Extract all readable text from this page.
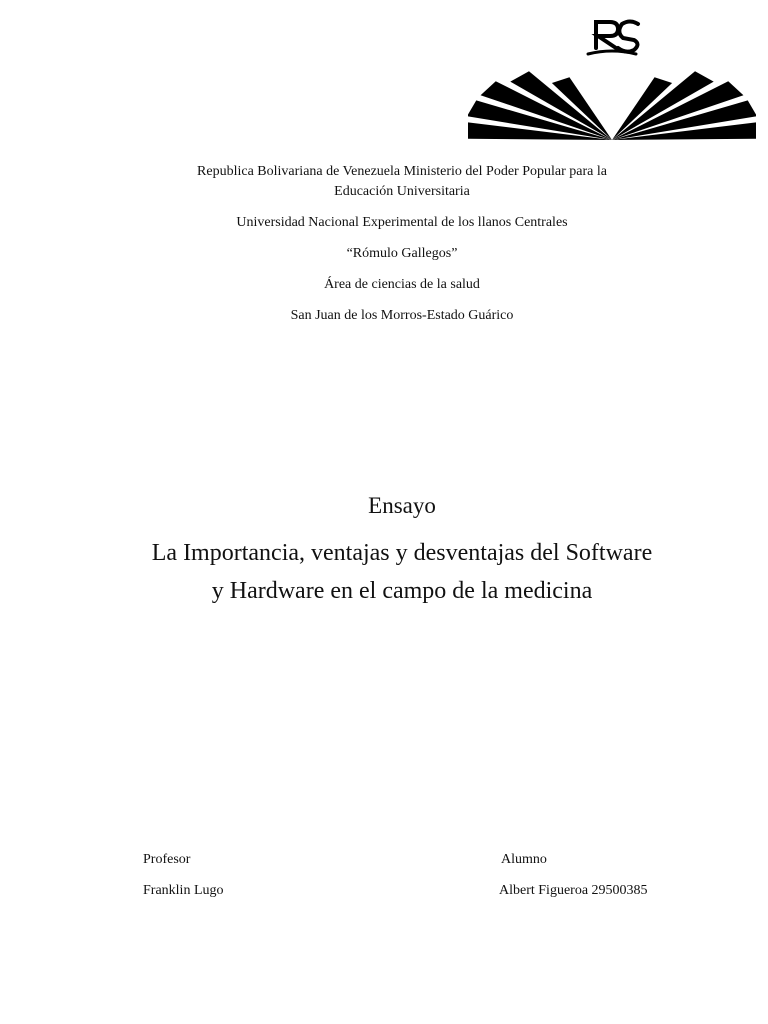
Republica Bolivariana de Venezuela Ministerio del Poder Popular para la Educación Universitaria
Universidad Nacional Experimental de los llanos Centrales
“Rómulo Gallegos”
Área de ciencias de la salud
San Juan de los Morros-Estado Guárico
Ensayo
La Importancia, ventajas y desventajas del Software y Hardware en el campo de la medicina
Profesor
Franklin Lugo
Alumno
Albert Figueroa 29500385
